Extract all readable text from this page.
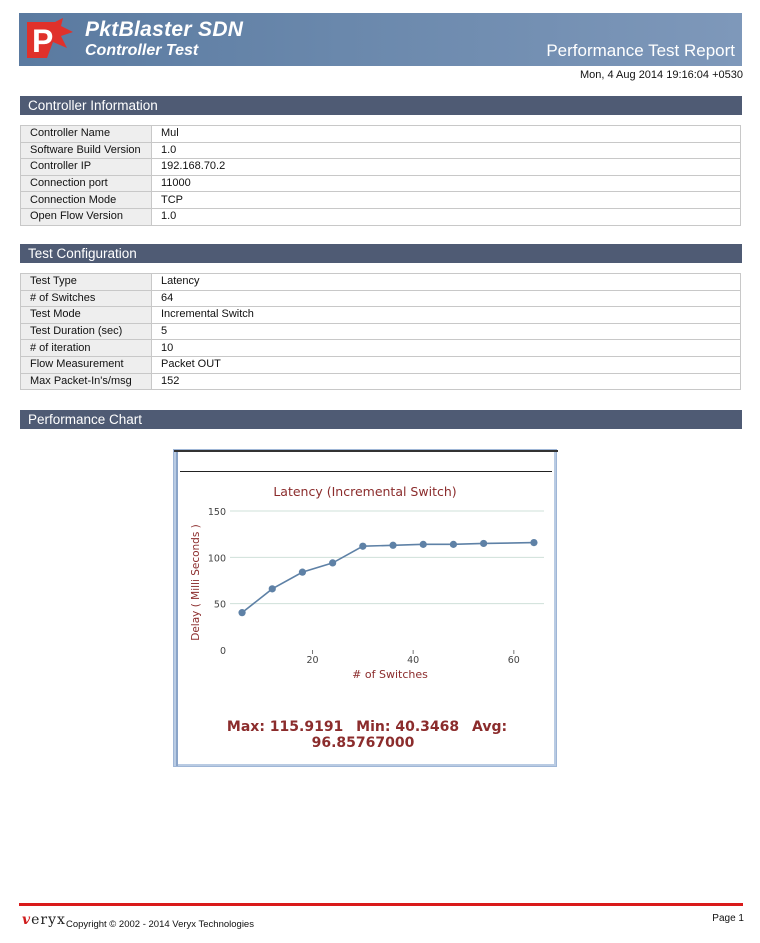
P PktBlaster SDN
Controller Test	Performance Test Report
Mon, 4 Aug 2014 19:16:04 +0530
Controller Information
Controller Name	Mul
Software Build Version	1.0
Controller IP	192.168.70.2
Connection port	11000
Connection Mode	TCP
Open Flow Version	1.0
Test Configuration
Test Type	Latency
# of Switches	64
Test Mode	Incremental Switch
Test Duration (sec)	5
# of iteration	10
Flow Measurement	Packet OUT
Max Packet-In's/msg	152
Performance Chart
Latency (Incremental Switch)
0
50
100
150
20	40	60
# of Switches
Delay ( Milli Seconds )
Max: 115.9191 Min: 40.3468 Avg: 96.85767000
veryx Copyright © 2002 - 2014 Veryx Technologies
Page 1
